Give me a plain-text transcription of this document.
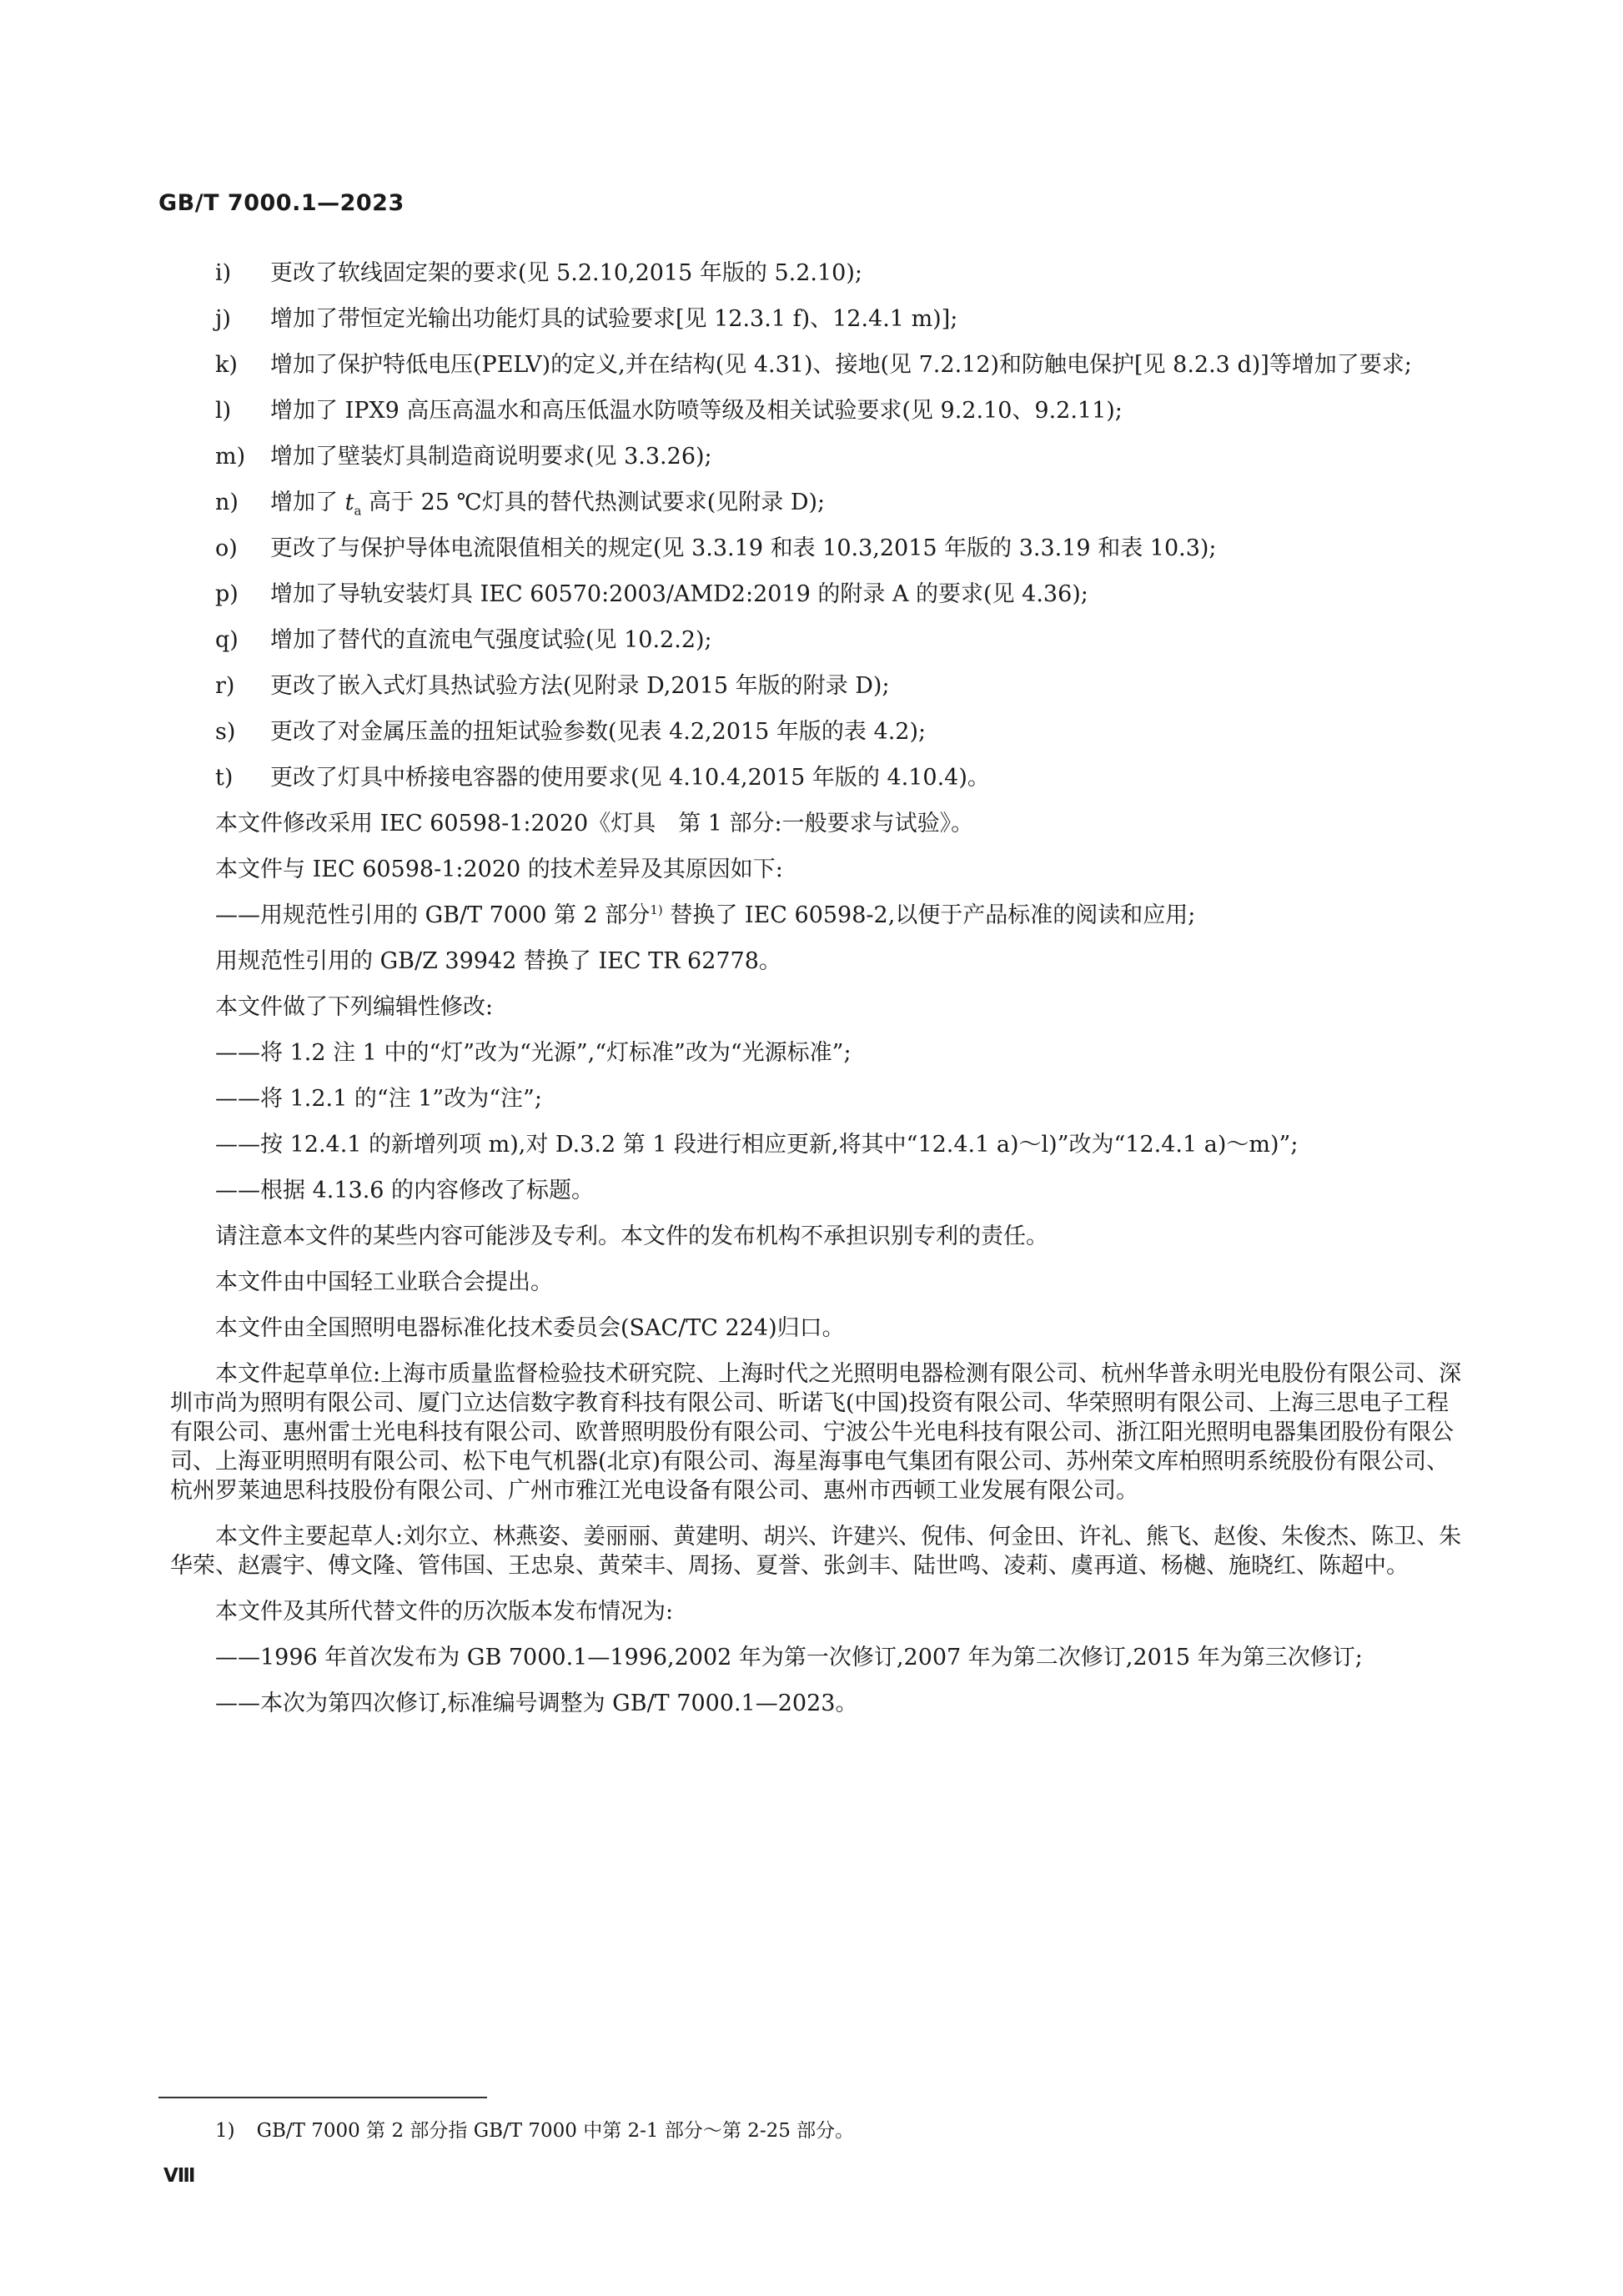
GB/T 7000.1—2023
i) 更改了软线固定架的要求(见 5.2.10,2015 年版的 5.2.10);
j) 增加了带恒定光输出功能灯具的试验要求[见 12.3.1 f)、12.4.1 m)];
k) 增加了保护特低电压(PELV)的定义,并在结构(见 4.31)、接地(见 7.2.12)和防触电保护[见 8.2.3 d)]等增加了要求;
l) 增加了 IPX9 高压高温水和高压低温水防喷等级及相关试验要求(见 9.2.10、9.2.11);
m) 增加了壁装灯具制造商说明要求(见 3.3.26);
n) 增加了 $t_a$ 高于 25 ℃灯具的替代热测试要求(见附录 D);
o) 更改了与保护导体电流限值相关的规定(见 3.3.19 和表 10.3,2015 年版的 3.3.19 和表 10.3);
p) 增加了导轨安装灯具 IEC 60570:2003/AMD2:2019 的附录 A 的要求(见 4.36);
q) 增加了替代的直流电气强度试验(见 10.2.2);
r) 更改了嵌入式灯具热试验方法(见附录 D,2015 年版的附录 D);
s) 更改了对金属压盖的扭矩试验参数(见表 4.2,2015 年版的表 4.2);
t) 更改了灯具中桥接电容器的使用要求(见 4.10.4,2015 年版的 4.10.4)。
本文件修改采用 IEC 60598-1:2020《灯具　第 1 部分:一般要求与试验》。
本文件与 IEC 60598-1:2020 的技术差异及其原因如下:
——用规范性引用的 GB/T 7000 第 2 部分$^{1)}$ 替换了 IEC 60598-2,以便于产品标准的阅读和应用;
用规范性引用的 GB/Z 39942 替换了 IEC TR 62778。
本文件做了下列编辑性修改:
——将 1.2 注 1 中的“灯”改为“光源”,“灯标准”改为“光源标准”;
——将 1.2.1 的“注 1”改为“注”;
——按 12.4.1 的新增列项 m),对 D.3.2 第 1 段进行相应更新,将其中“12.4.1 a)～l)”改为“12.4.1 a)～m)”;
——根据 4.13.6 的内容修改了标题。
请注意本文件的某些内容可能涉及专利。本文件的发布机构不承担识别专利的责任。
本文件由中国轻工业联合会提出。
本文件由全国照明电器标准化技术委员会(SAC/TC 224)归口。
本文件起草单位:上海市质量监督检验技术研究院、上海时代之光照明电器检测有限公司、杭州华普永明光电股份有限公司、深圳市尚为照明有限公司、厦门立达信数字教育科技有限公司、昕诺飞(中国)投资有限公司、华荣照明有限公司、上海三思电子工程有限公司、惠州雷士光电科技有限公司、欧普照明股份有限公司、宁波公牛光电科技有限公司、浙江阳光照明电器集团股份有限公司、上海亚明照明有限公司、松下电气机器(北京)有限公司、海星海事电气集团有限公司、苏州荣文库柏照明系统股份有限公司、杭州罗莱迪思科技股份有限公司、广州市雅江光电设备有限公司、惠州市西顿工业发展有限公司。
本文件主要起草人:刘尔立、林燕姿、姜丽丽、黄建明、胡兴、许建兴、倪伟、何金田、许礼、熊飞、赵俊、朱俊杰、陈卫、朱华荣、赵震宇、傅文隆、管伟国、王忠泉、黄荣丰、周扬、夏誉、张剑丰、陆世鸣、凌莉、虞再道、杨樾、施晓红、陈超中。
本文件及其所代替文件的历次版本发布情况为:
——1996 年首次发布为 GB 7000.1—1996,2002 年为第一次修订,2007 年为第二次修订,2015 年为第三次修订;
——本次为第四次修订,标准编号调整为 GB/T 7000.1—2023。
1) GB/T 7000 第 2 部分指 GB/T 7000 中第 2-1 部分～第 2-25 部分。
Ⅷ
